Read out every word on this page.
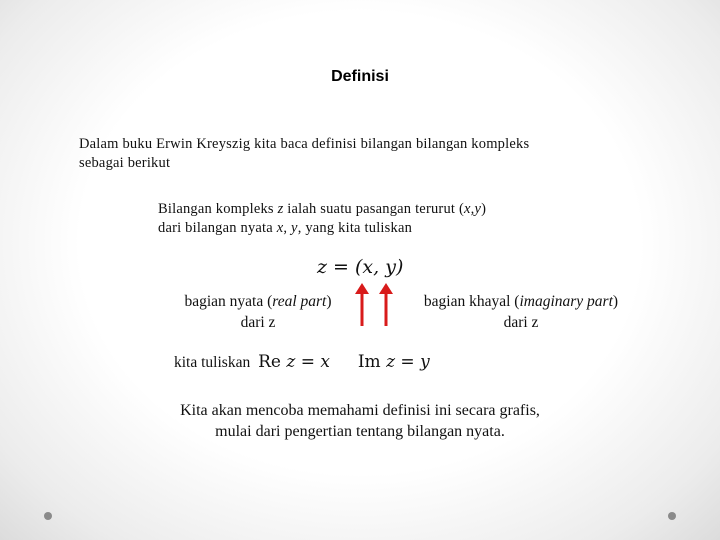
Definisi
Dalam buku Erwin Kreyszig kita baca definisi bilangan bilangan kompleks
sebagai berikut
Bilangan kompleks z ialah suatu pasangan terurut (x,y)
dari bilangan nyata x, y, yang kita tuliskan
z = (x, y)
bagian nyata (real part)
dari z
bagian khayal (imaginary part)
dari z
kita tuliskan Re z = x Im z = y
Kita akan mencoba memahami definisi ini secara grafis,
mulai dari pengertian tentang bilangan nyata.
